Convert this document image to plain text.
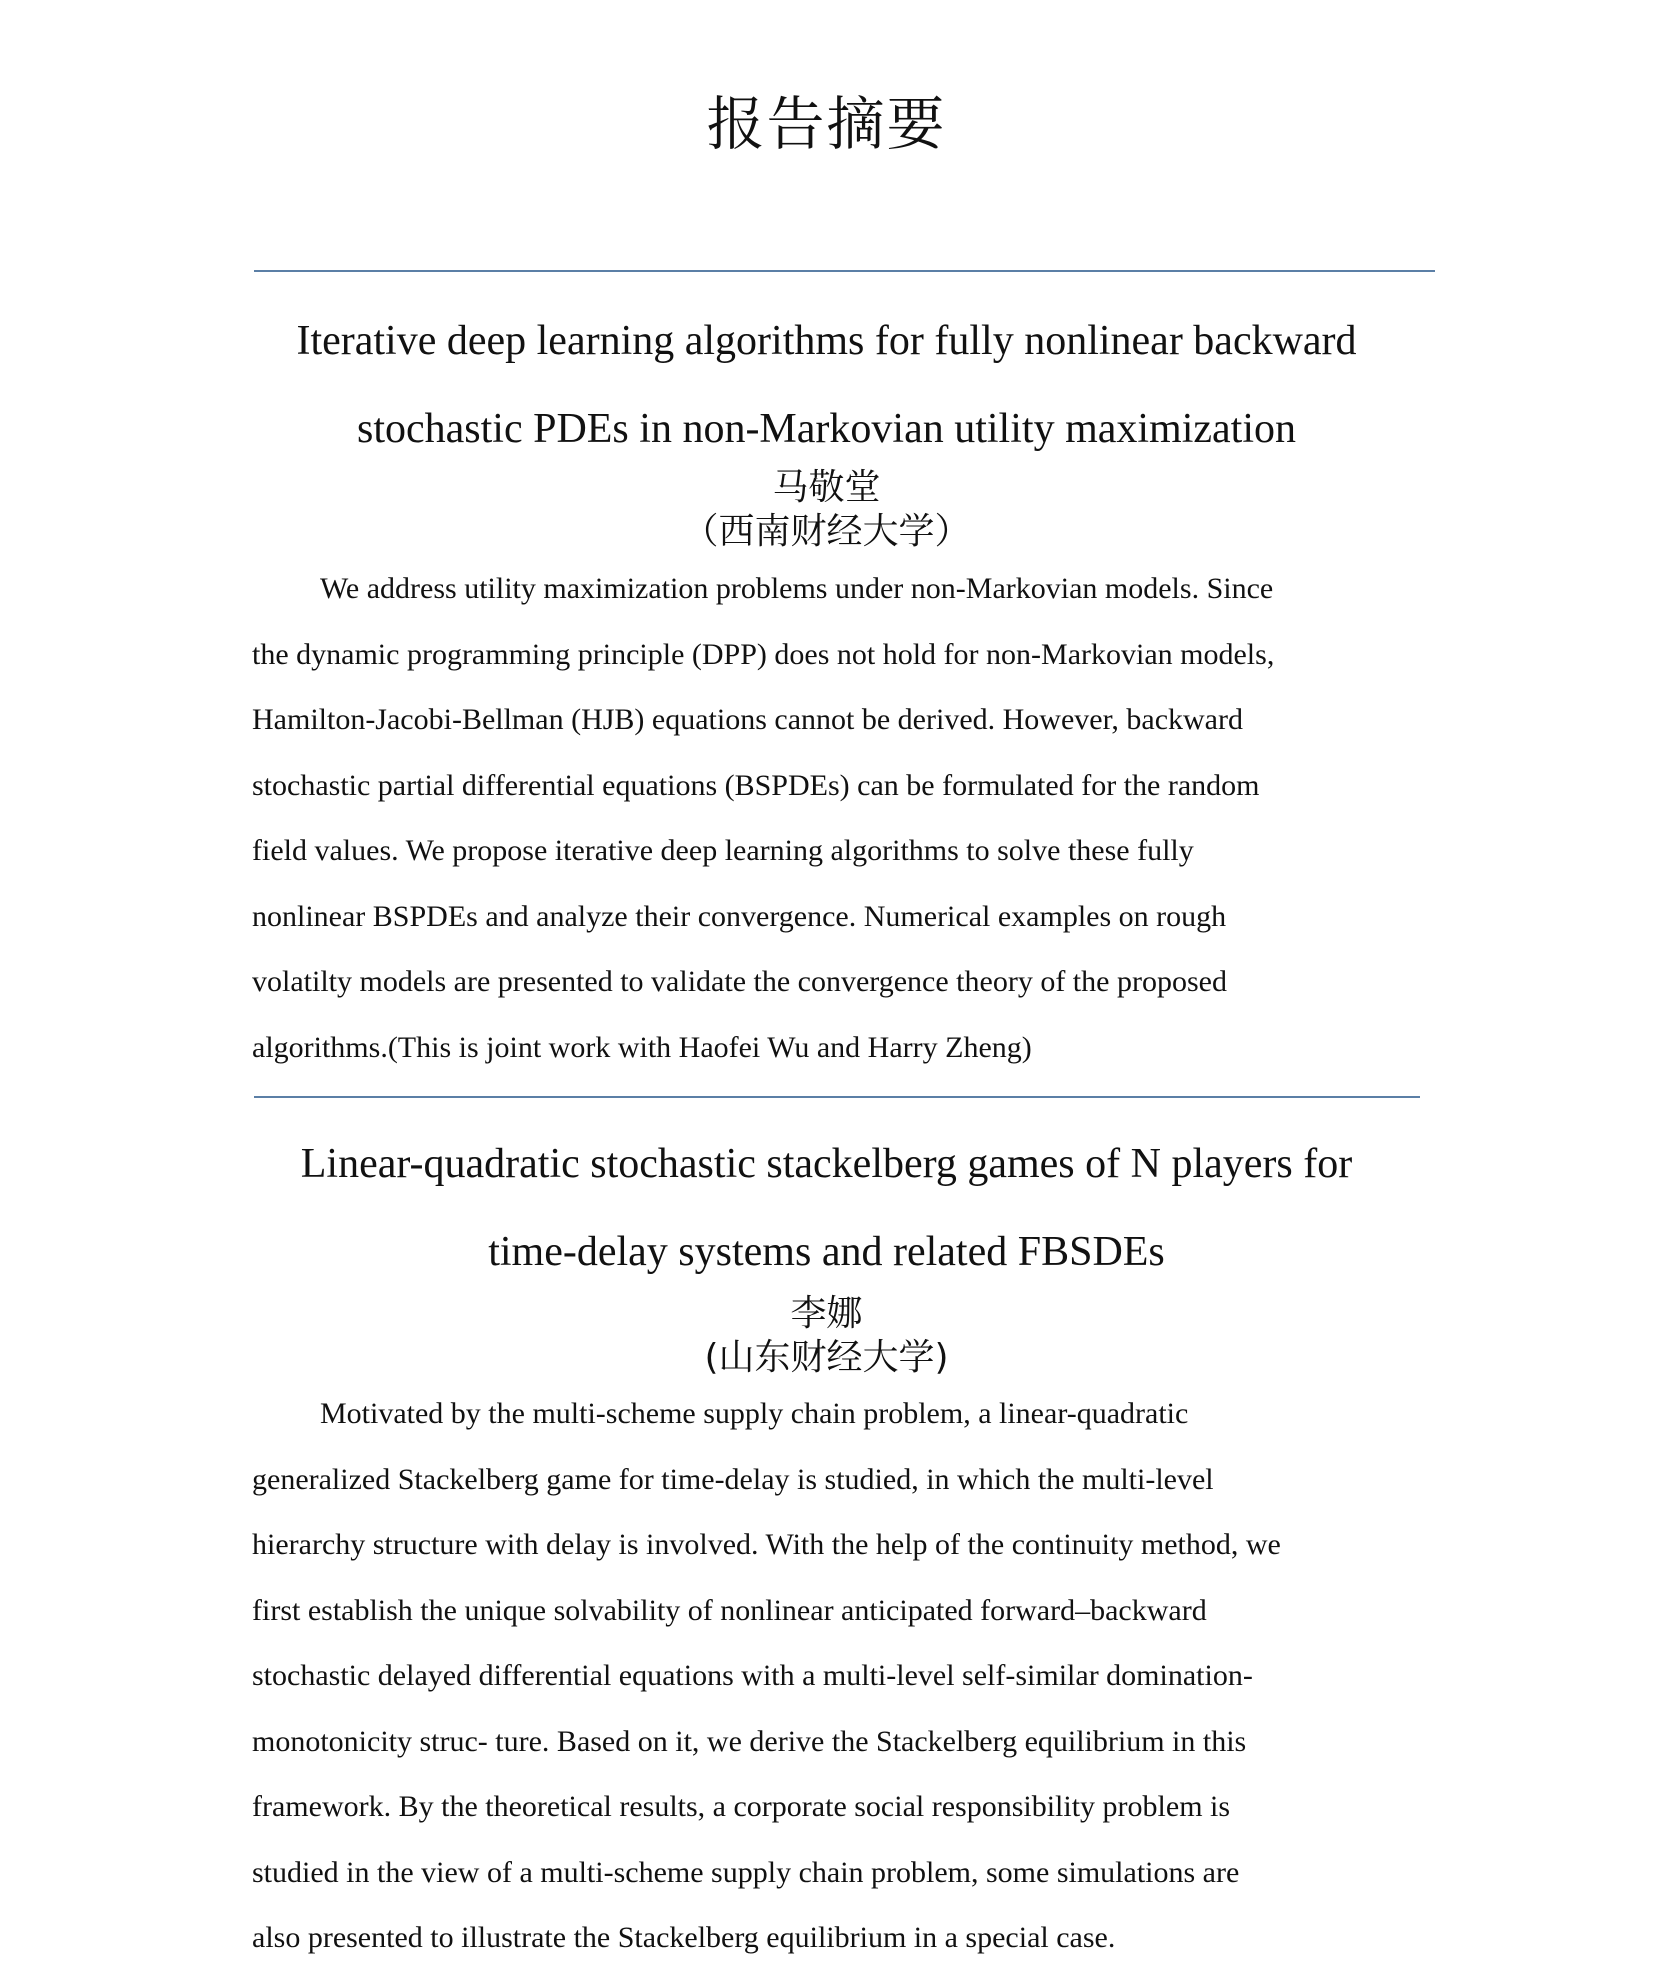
报告摘要
Iterative deep learning algorithms for fully nonlinear backward
stochastic PDEs in non-Markovian utility maximization
马敬堂
（西南财经大学）

We address utility maximization problems under non-Markovian models. Since
the dynamic programming principle (DPP) does not hold for non-Markovian models,
Hamilton-Jacobi-Bellman (HJB) equations cannot be derived. However, backward
stochastic partial differential equations (BSPDEs) can be formulated for the random
field values. We propose iterative deep learning algorithms to solve these fully
nonlinear BSPDEs and analyze their convergence. Numerical examples on rough
volatilty models are presented to validate the convergence theory of the proposed
algorithms.(This is joint work with Haofei Wu and Harry Zheng)

Linear-quadratic stochastic stackelberg games of N players for
time-delay systems and related FBSDEs
李娜
(山东财经大学)

Motivated by the multi-scheme supply chain problem, a linear-quadratic
generalized Stackelberg game for time-delay is studied, in which the multi-level
hierarchy structure with delay is involved. With the help of the continuity method, we
first establish the unique solvability of nonlinear anticipated forward–backward
stochastic delayed differential equations with a multi-level self-similar domination-
monotonicity struc- ture. Based on it, we derive the Stackelberg equilibrium in this
framework. By the theoretical results, a corporate social responsibility problem is
studied in the view of a multi-scheme supply chain problem, some simulations are
also presented to illustrate the Stackelberg equilibrium in a special case.
